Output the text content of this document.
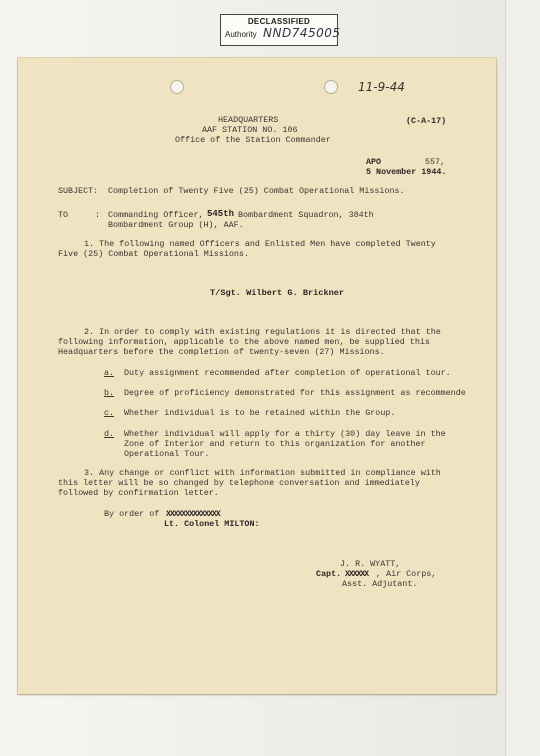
DECLASSIFIED
Authority NND745005
11-9-44
HEADQUARTERS
AAF STATION NO. 106
Office of the Station Commander
(C-A-17)
APO	557,
5 November 1944.
SUBJECT: Completion of Twenty Five (25) Combat Operational Missions.
TO	: Commanding Officer, 545th Bombardment Squadron, 384th
Bombardment Group (H), AAF.
1. The following named Officers and Enlisted Men have completed Twenty
Five (25) Combat Operational Missions.
T/Sgt. Wilbert G. Brickner
2. In order to comply with existing regulations it is directed that the
following information, applicable to the above named men, be supplied this
Headquarters before the completion of twenty-seven (27) Missions.
a. Duty assignment recommended after completion of operational tour.
b. Degree of proficiency demonstrated for this assignment as recommende
c. Whether individual is to be retained within the Group.
d. Whether individual will apply for a thirty (30) day leave in the
Zone of Interior and return to this organization for another
Operational Tour.
3. Any change or conflict with information submitted in compliance with
this letter will be so changed by telephone conversation and immediately
followed by confirmation letter.
By order of XXXXXXXXXXXXXX
Lt. Colonel MILTON:
J. R. WYATT,
Capt. XXXXXX , Air Corps,
Asst. Adjutant.
